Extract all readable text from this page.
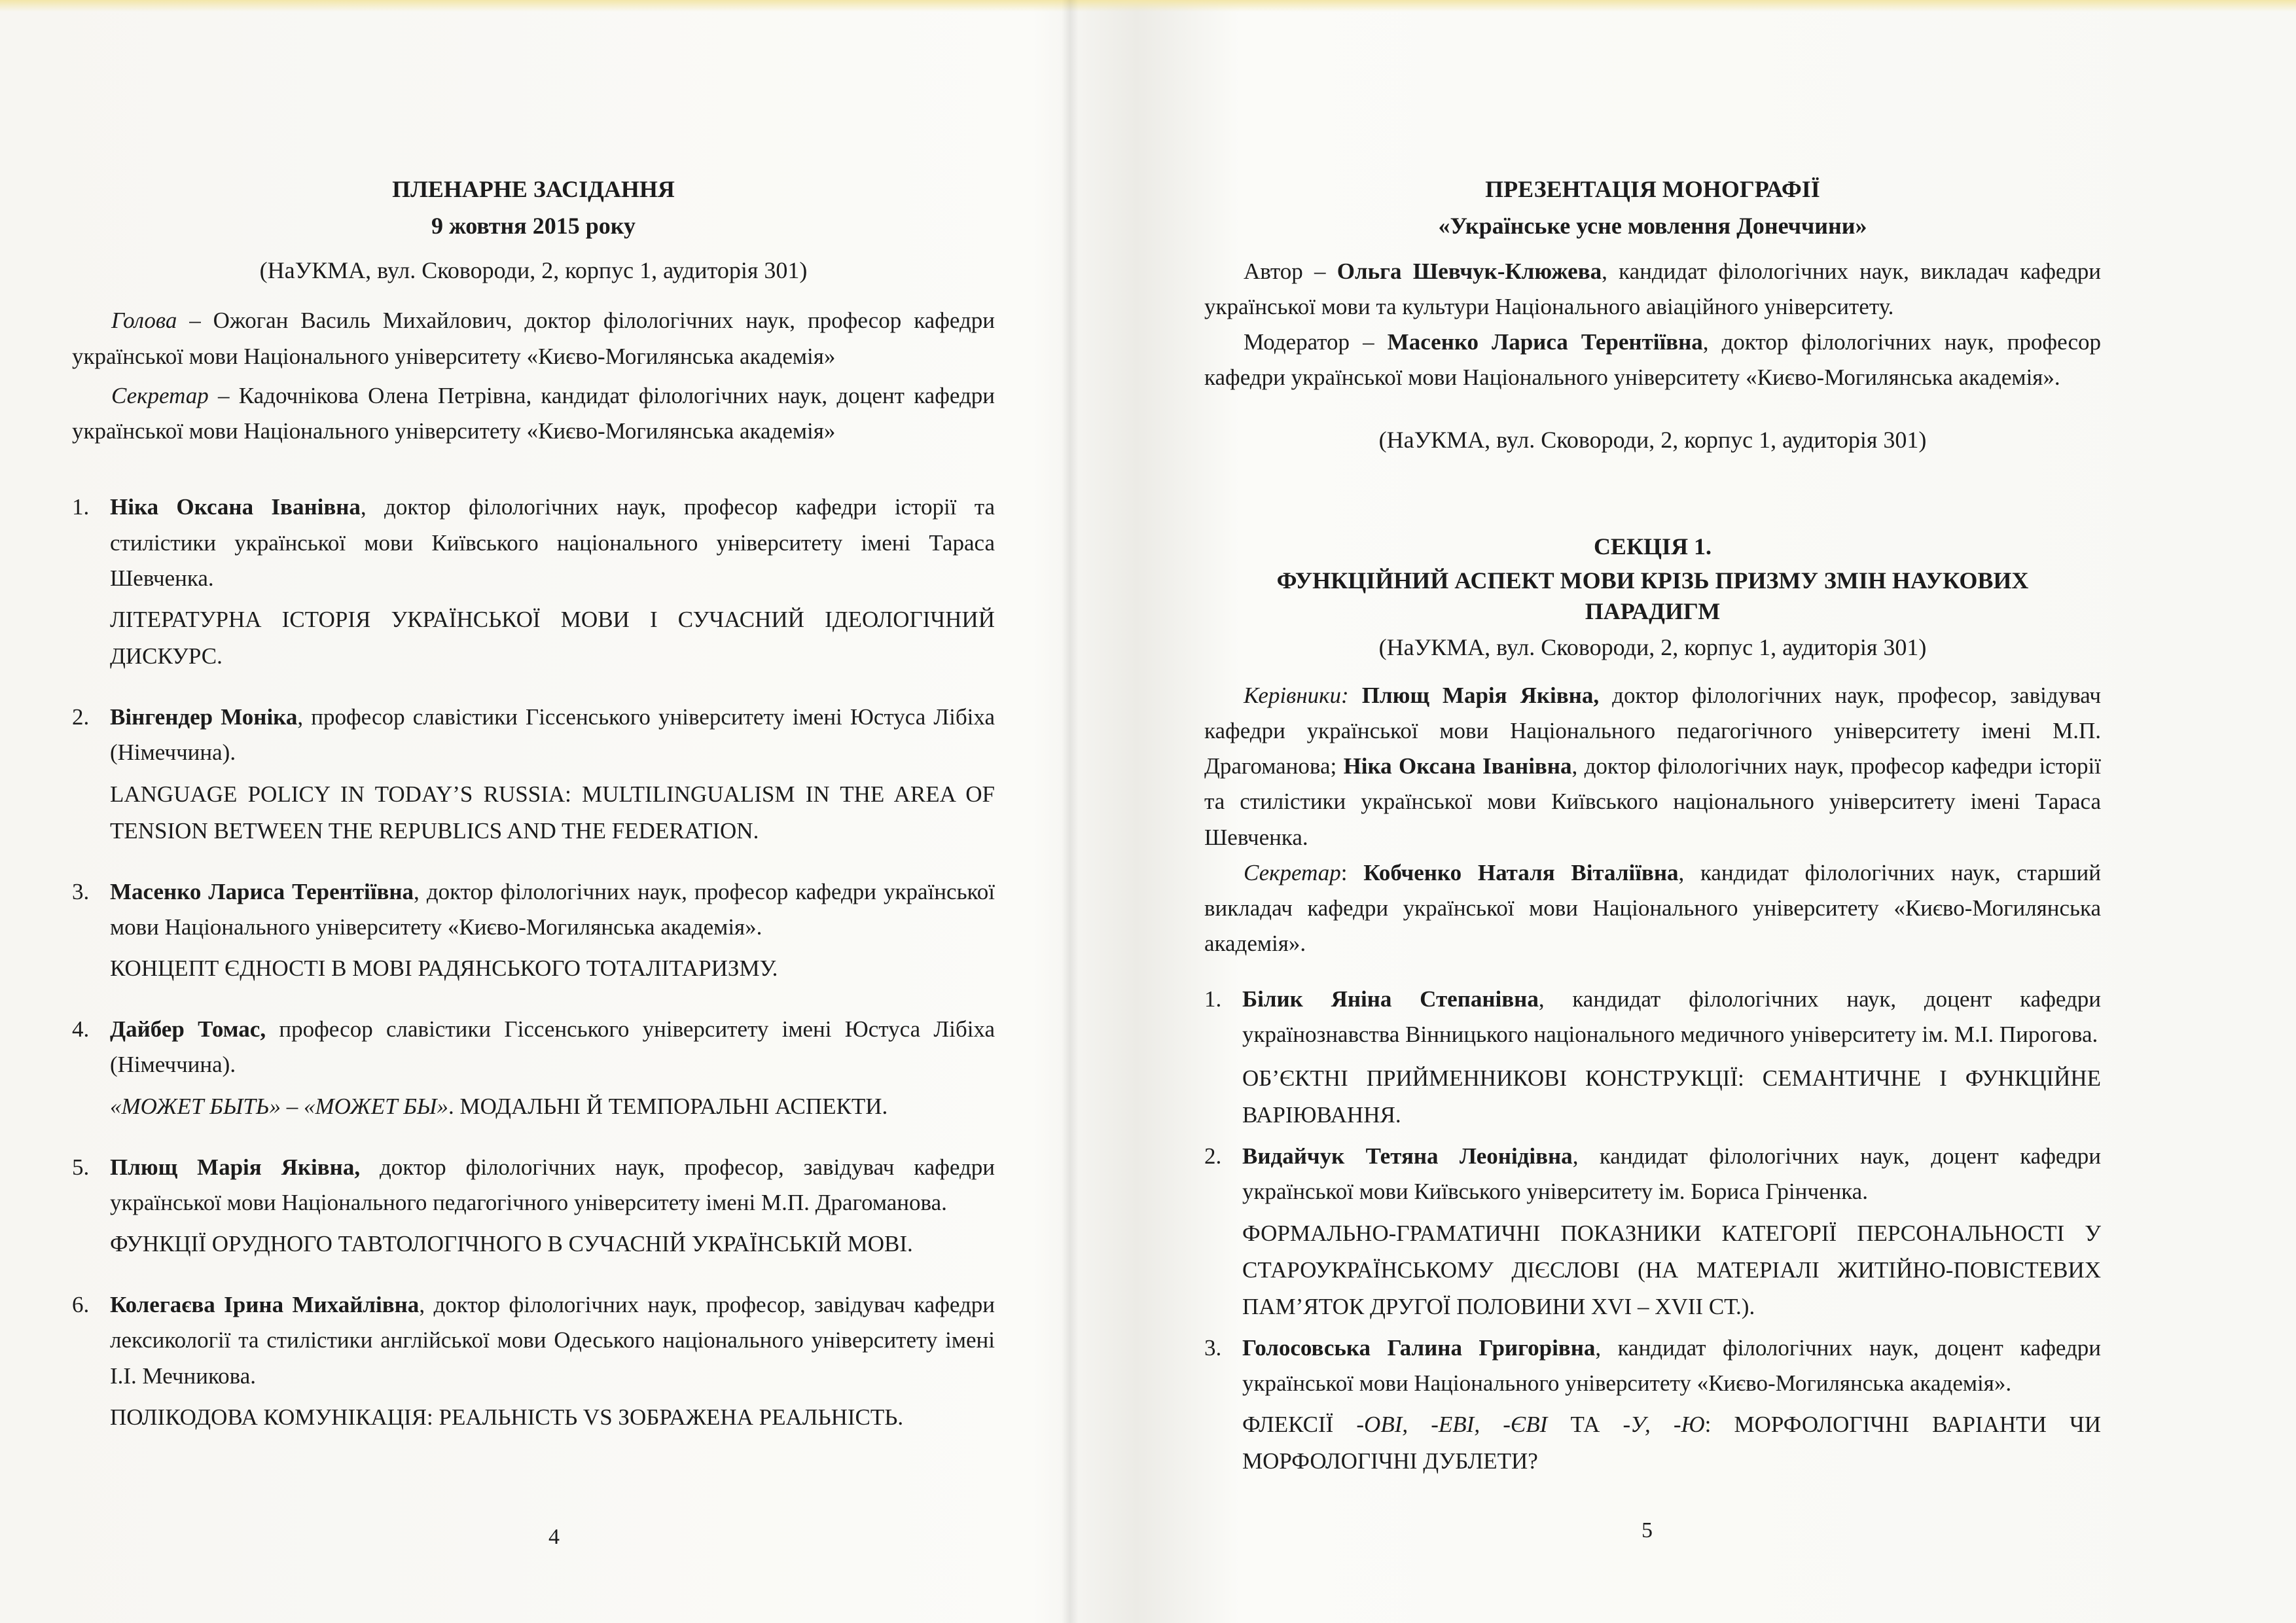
ПЛЕНАРНЕ ЗАСІДАННЯ
9 жовтня 2015 року
(НаУКМА, вул. Сковороди, 2, корпус 1, аудиторія 301)
Голова – Ожоган Василь Михайлович, доктор філологічних наук, професор кафедри української мови Національного університету «Києво-Могилянська академія»
Секретар – Кадочнікова Олена Петрівна, кандидат філологічних наук, доцент кафедри української мови Національного університету «Києво-Могилянська академія»
1. Ніка Оксана Іванівна, доктор філологічних наук, професор кафедри історії та стилістики української мови Київського національного університету імені Тараса Шевченка.
ЛІТЕРАТУРНА ІСТОРІЯ УКРАЇНСЬКОЇ МОВИ І СУЧАСНИЙ ІДЕОЛОГІЧНИЙ ДИСКУРС.
2. Вінгендер Моніка, професор славістики Гіссенського університету імені Юстуса Лібіха (Німеччина).
LANGUAGE POLICY IN TODAY’S RUSSIA: MULTILINGUALISM IN THE AREA OF TENSION BETWEEN THE REPUBLICS AND THE FEDERATION.
3. Масенко Лариса Терентіївна, доктор філологічних наук, професор кафедри української мови Національного університету «Києво-Могилянська академія».
КОНЦЕПТ ЄДНОСТІ В МОВІ РАДЯНСЬКОГО ТОТАЛІТАРИЗМУ.
4. Дайбер Томас, професор славістики Гіссенського університету імені Юстуса Лібіха (Німеччина).
«МОЖЕТ БЫТЬ» – «МОЖЕТ БЫ». МОДАЛЬНІ Й ТЕМПОРАЛЬНІ АСПЕКТИ.
5. Плющ Марія Яківна, доктор філологічних наук, професор, завідувач кафедри української мови Національного педагогічного університету імені М.П. Драгоманова.
ФУНКЦІЇ ОРУДНОГО ТАВТОЛОГІЧНОГО В СУЧАСНІЙ УКРАЇНСЬКІЙ МОВІ.
6. Колегаєва Ірина Михайлівна, доктор філологічних наук, професор, завідувач кафедри лексикології та стилістики англійської мови Одеського національного університету імені І.І. Мечникова.
ПОЛІКОДОВА КОМУНІКАЦІЯ: РЕАЛЬНІСТЬ VS ЗОБРАЖЕНА РЕАЛЬНІСТЬ.
4
ПРЕЗЕНТАЦІЯ МОНОГРАФІЇ
«Українське усне мовлення Донеччини»
Автор – Ольга Шевчук-Клюжева, кандидат філологічних наук, викладач кафедри української мови та культури Національного авіаційного університету.
Модератор – Масенко Лариса Терентіївна, доктор філологічних наук, професор кафедри української мови Національного університету «Києво-Могилянська академія».
(НаУКМА, вул. Сковороди, 2, корпус 1, аудиторія 301)
СЕКЦІЯ 1.
ФУНКЦІЙНИЙ АСПЕКТ МОВИ КРІЗЬ ПРИЗМУ ЗМІН НАУКОВИХ ПАРАДИГМ
(НаУКМА, вул. Сковороди, 2, корпус 1, аудиторія 301)
Керівники: Плющ Марія Яківна, доктор філологічних наук, професор, завідувач кафедри української мови Національного педагогічного університету імені М.П. Драгоманова; Ніка Оксана Іванівна, доктор філологічних наук, професор кафедри історії та стилістики української мови Київського національного університету імені Тараса Шевченка.
Секретар: Кобченко Наталя Віталіївна, кандидат філологічних наук, старший викладач кафедри української мови Національного університету «Києво-Могилянська академія».
1. Білик Яніна Степанівна, кандидат філологічних наук, доцент кафедри українознавства Вінницького національного медичного університету ім. М.І. Пирогова.
ОБ’ЄКТНІ ПРИЙМЕННИКОВІ КОНСТРУКЦІЇ: СЕМАНТИЧНЕ І ФУНКЦІЙНЕ ВАРІЮВАННЯ.
2. Видайчук Тетяна Леонідівна, кандидат філологічних наук, доцент кафедри української мови Київського університету ім. Бориса Грінченка.
ФОРМАЛЬНО-ГРАМАТИЧНІ ПОКАЗНИКИ КАТЕГОРІЇ ПЕРСОНАЛЬНОСТІ У СТАРОУКРАЇНСЬКОМУ ДІЄСЛОВІ (НА МАТЕРІАЛІ ЖИТІЙНО-ПОВІСТЕВИХ ПАМ’ЯТОК ДРУГОЇ ПОЛОВИНИ XVI – XVII СТ.).
3. Голосовська Галина Григорівна, кандидат філологічних наук, доцент кафедри української мови Національного університету «Києво-Могилянська академія».
ФЛЕКСІЇ -ОВІ, -ЕВІ, -ЄВІ ТА -У, -Ю: МОРФОЛОГІЧНІ ВАРІАНТИ ЧИ МОРФОЛОГІЧНІ ДУБЛЕТИ?
5
